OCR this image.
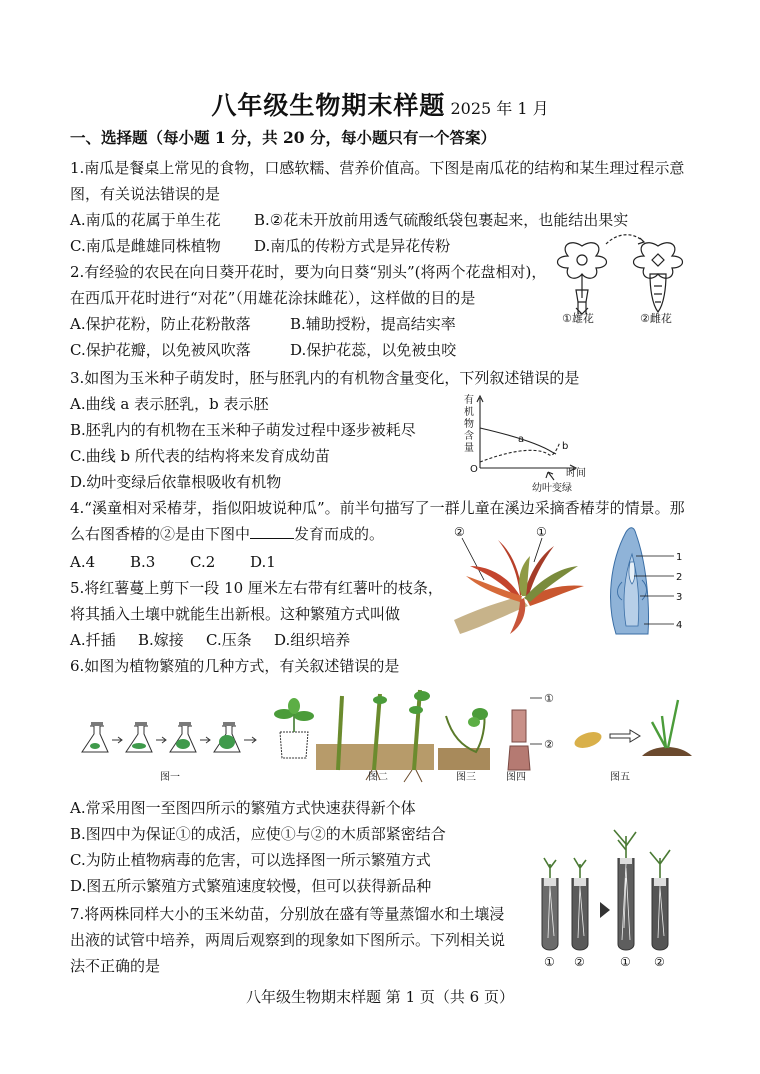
八年级生物期末样题 2025 年 1 月
一、选择题（每小题 1 分，共 20 分，每小题只有一个答案）
1.南瓜是餐桌上常见的食物，口感软糯、营养价值高。下图是南瓜花的结构和某生理过程示意
图，有关说法错误的是
A.南瓜的花属于单生花 B.②花未开放前用透气硫酸纸袋包裹起来，也能结出果实
C.南瓜是雌雄同株植物 D.南瓜的传粉方式是异花传粉
①雄花	②雌花
2.有经验的农民在向日葵开花时，要为向日葵“别头”(将两个花盘相对)，
在西瓜开花时进行“对花”（用雄花涂抹雌花），这样做的目的是
A.保护花粉，防止花粉散落	B.辅助授粉，提高结实率
C.保护花瓣，以免被风吹落	D.保护花蕊，以免被虫咬
3.如图为玉米种子萌发时，胚与胚乳内的有机物含量变化，下列叙述错误的是
A.曲线 a 表示胚乳，b 表示胚
B.胚乳内的有机物在玉米种子萌发过程中逐步被耗尽
C.曲线 b 所代表的结构将来发育成幼苗
D.幼叶变绿后依靠根吸收有机物
有
机
物
含
量
O	时间
a
b
幼叶变绿
4.“溪童相对采椿芽，指似阳坡说种瓜”。前半句描写了一群儿童在溪边采摘香椿芽的情景。那
么右图香椿的②是由下图中	发育而成的。
A.4 B.3 C.2 D.1
②	①
1
2
3
4
5.将红薯蔓上剪下一段 10 厘米左右带有红薯叶的枝条，
将其插入土壤中就能生出新根。这种繁殖方式叫做
A.扦插 B.嫁接 C.压条 D.组织培养
6.如图为植物繁殖的几种方式，有关叙述错误的是
①
②
图一	图二	图三	图四	图五
A.常采用图一至图四所示的繁殖方式快速获得新个体
B.图四中为保证①的成活，应使①与②的木质部紧密结合
C.为防止植物病毒的危害，可以选择图一所示繁殖方式
D.图五所示繁殖方式繁殖速度较慢，但可以获得新品种
7.将两株同样大小的玉米幼苗，分别放在盛有等量蒸馏水和土壤浸
出液的试管中培养，两周后观察到的现象如下图所示。下列相关说
法不正确的是	① ②	① ②
八年级生物期末样题 第 1 页（共 6 页）
